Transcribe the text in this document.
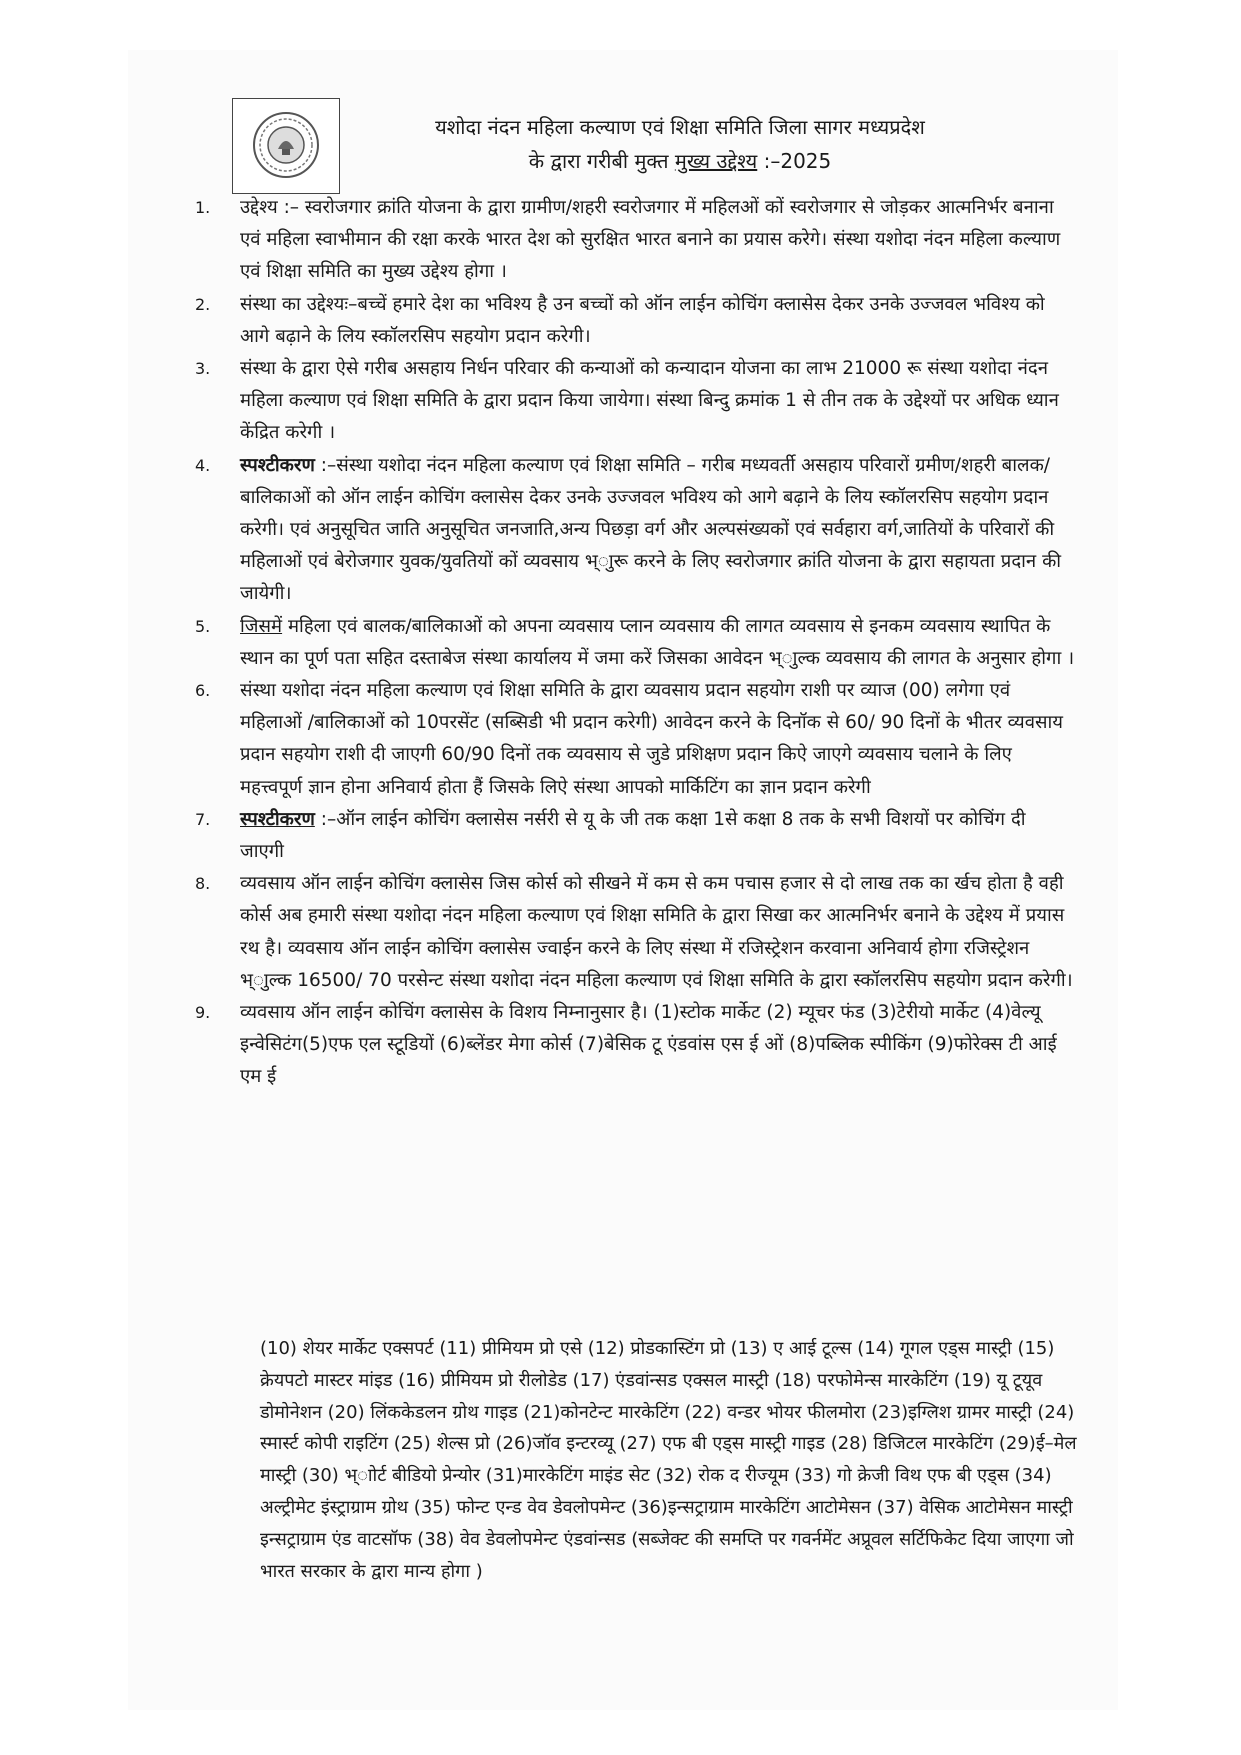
यशोदा नंदन महिला कल्याण एवं शिक्षा समिति जिला सागर मध्यप्रदेश
के द्वारा गरीबी मुक्त मुख्य उद्देश्य :–2025
1. उद्देश्य :– स्वरोजगार क्रांति योजना के द्वारा ग्रामीण/शहरी स्वरोजगार में महिलओं कों स्वरोजगार से जोड़कर आत्मनिर्भर बनाना एवं महिला स्वाभीमान की रक्षा करके भारत देश को सुरक्षित भारत बनाने का प्रयास करेगे। संस्था यशोदा नंदन महिला कल्याण एवं शिक्षा समिति का मुख्य उद्देश्य होगा ।
2. संस्था का उद्देश्यः–बच्चें हमारे देश का भविश्य है उन बच्चों को ऑन लाईन कोचिंग क्लासेस देकर उनके उज्जवल भविश्य को आगे बढ़ाने के लिय स्कॉलरसिप सहयोग प्रदान करेगी।
3. संस्था के द्वारा ऐसे गरीब असहाय निर्धन परिवार की कन्याओं को कन्यादान योजना का लाभ 21000 रू संस्था यशोदा नंदन महिला कल्याण एवं शिक्षा समिति के द्वारा प्रदान किया जायेगा। संस्था बिन्दु क्रमांक 1 से तीन तक के उद्देश्यों पर अधिक ध्यान केंद्रित करेगी ।
4. स्पश्टीकरण :–संस्था यशोदा नंदन महिला कल्याण एवं शिक्षा समिति – गरीब मध्यवर्ती असहाय परिवारों ग्रमीण/शहरी बालक/बालिकाओं को ऑन लाईन कोचिंग क्लासेस देकर उनके उज्जवल भविश्य को आगे बढ़ाने के लिय स्कॉलरसिप सहयोग प्रदान करेगी। एवं अनुसूचित जाति अनुसूचित जनजाति,अन्य पिछड़ा वर्ग और अल्पसंख्यकों एवं सर्वहारा वर्ग,जातियों के परिवारों की महिलाओं एवं बेरोजगार युवक/युवतियों कों व्यवसाय भ्ाुरू करने के लिए स्वरोजगार क्रांति योजना के द्वारा सहायता प्रदान की जायेगी।
5. जिसमें महिला एवं बालक/बालिकाओं को अपना व्यवसाय प्लान व्यवसाय की लागत व्यवसाय से इनकम व्यवसाय स्थापित के स्थान का पूर्ण पता सहित दस्ताबेज संस्था कार्यालय में जमा करें जिसका आवेदन भ्ाुल्क व्यवसाय की लागत के अनुसार होगा ।
6. संस्था यशोदा नंदन महिला कल्याण एवं शिक्षा समिति के द्वारा व्यवसाय प्रदान सहयोग राशी पर व्याज (00) लगेगा एवं महिलाओं /बालिकाओं को 10परसेंट (सब्सिडी भी प्रदान करेगी) आवेदन करने के दिनॉक से 60/ 90 दिनों के भीतर व्यवसाय प्रदान सहयोग राशी दी जाएगी 60/90 दिनों तक व्यवसाय से जुडे प्रशिक्षण प्रदान किऐ जाएगे व्यवसाय चलाने के लिए महत्त्वपूर्ण ज्ञान होना अनिवार्य होता हैं जिसके लिऐ संस्था आपको मार्किटिंग का ज्ञान प्रदान करेगी
7. स्पश्टीकरण :–ऑन लाईन कोचिंग क्लासेस नर्सरी से यू के जी तक कक्षा 1से कक्षा 8 तक के सभी विशयों पर कोचिंग दी जाएगी
8. व्यवसाय ऑन लाईन कोचिंग क्लासेस जिस कोर्स को सीखने में कम से कम पचास हजार से दो लाख तक का र्खच होता है वही कोर्स अब हमारी संस्था यशोदा नंदन महिला कल्याण एवं शिक्षा समिति के द्वारा सिखा कर आत्मनिर्भर बनाने के उद्देश्य में प्रयास रथ है। व्यवसाय ऑन लाईन कोचिंग क्लासेस ज्वाईन करने के लिए संस्था में रजिस्ट्रेशन करवाना अनिवार्य होगा रजिस्ट्रेशन भ्ाुल्क 16500/ 70 परसेन्ट संस्था यशोदा नंदन महिला कल्याण एवं शिक्षा समिति के द्वारा स्कॉलरसिप सहयोग प्रदान करेगी।
9. व्यवसाय ऑन लाईन कोचिंग क्लासेस के विशय निम्नानुसार है। (1)स्टोक मार्केट (2) म्यूचर फंड (3)टेरीयो मार्केट (4)वेल्यू इन्वेसिटंग(5)एफ एल स्टूडियों (6)ब्लेंडर मेगा कोर्स (7)बेसिक टू एंडवांस एस ई ओं (8)पब्लिक स्पीकिंग (9)फोरेक्स टी आई एम ई
(10) शेयर मार्केट एक्सपर्ट (11) प्रीमियम प्रो एसे (12) प्रोडकास्टिंग प्रो (13) ए आई टूल्स (14) गूगल एड्स मास्ट्री (15) क्रेयपटो मास्टर मांइड (16) प्रीमियम प्रो रीलोडेड (17) एंडवांन्सड एक्सल मास्ट्री (18) परफोमेन्स मारकेटिंग (19) यू टूयूव डोमोनेशन (20) लिंककेडलन ग्रोथ गाइड (21)कोनटेन्ट मारकेटिंग (22) वन्डर भोयर फीलमोरा (23)इग्लिश ग्रामर मास्ट्री (24) स्मार्स्ट कोपी राइटिंग (25) शेल्स प्रो (26)जॉव इन्टरव्यू (27) एफ बी एड्स मास्ट्री गाइड (28) डिजिटल मारकेटिंग (29)ई–मेल मास्ट्री (30) भ्ाोर्ट बीडियो प्रेन्योर (31)मारकेटिंग माइंड सेट (32) रोक द रीज्यूम (33) गो क्रेजी विथ एफ बी एड्स (34) अल्ट्रीमेट इंस्ट्राग्राम ग्रोथ (35) फोन्ट एन्ड वेव डेवलोपमेन्ट (36)इन्सट्राग्राम मारकेटिंग आटोमेसन (37) वेसिक आटोमेसन मास्ट्री इन्सट्राग्राम एंड वाटसॉफ (38) वेव डेवलोपमेन्ट एंडवांन्सड (सब्जेक्ट की समप्ति पर गवर्नमेंट अप्रूवल सर्टिफिकेट दिया जाएगा जो भारत सरकार के द्वारा मान्य होगा )
